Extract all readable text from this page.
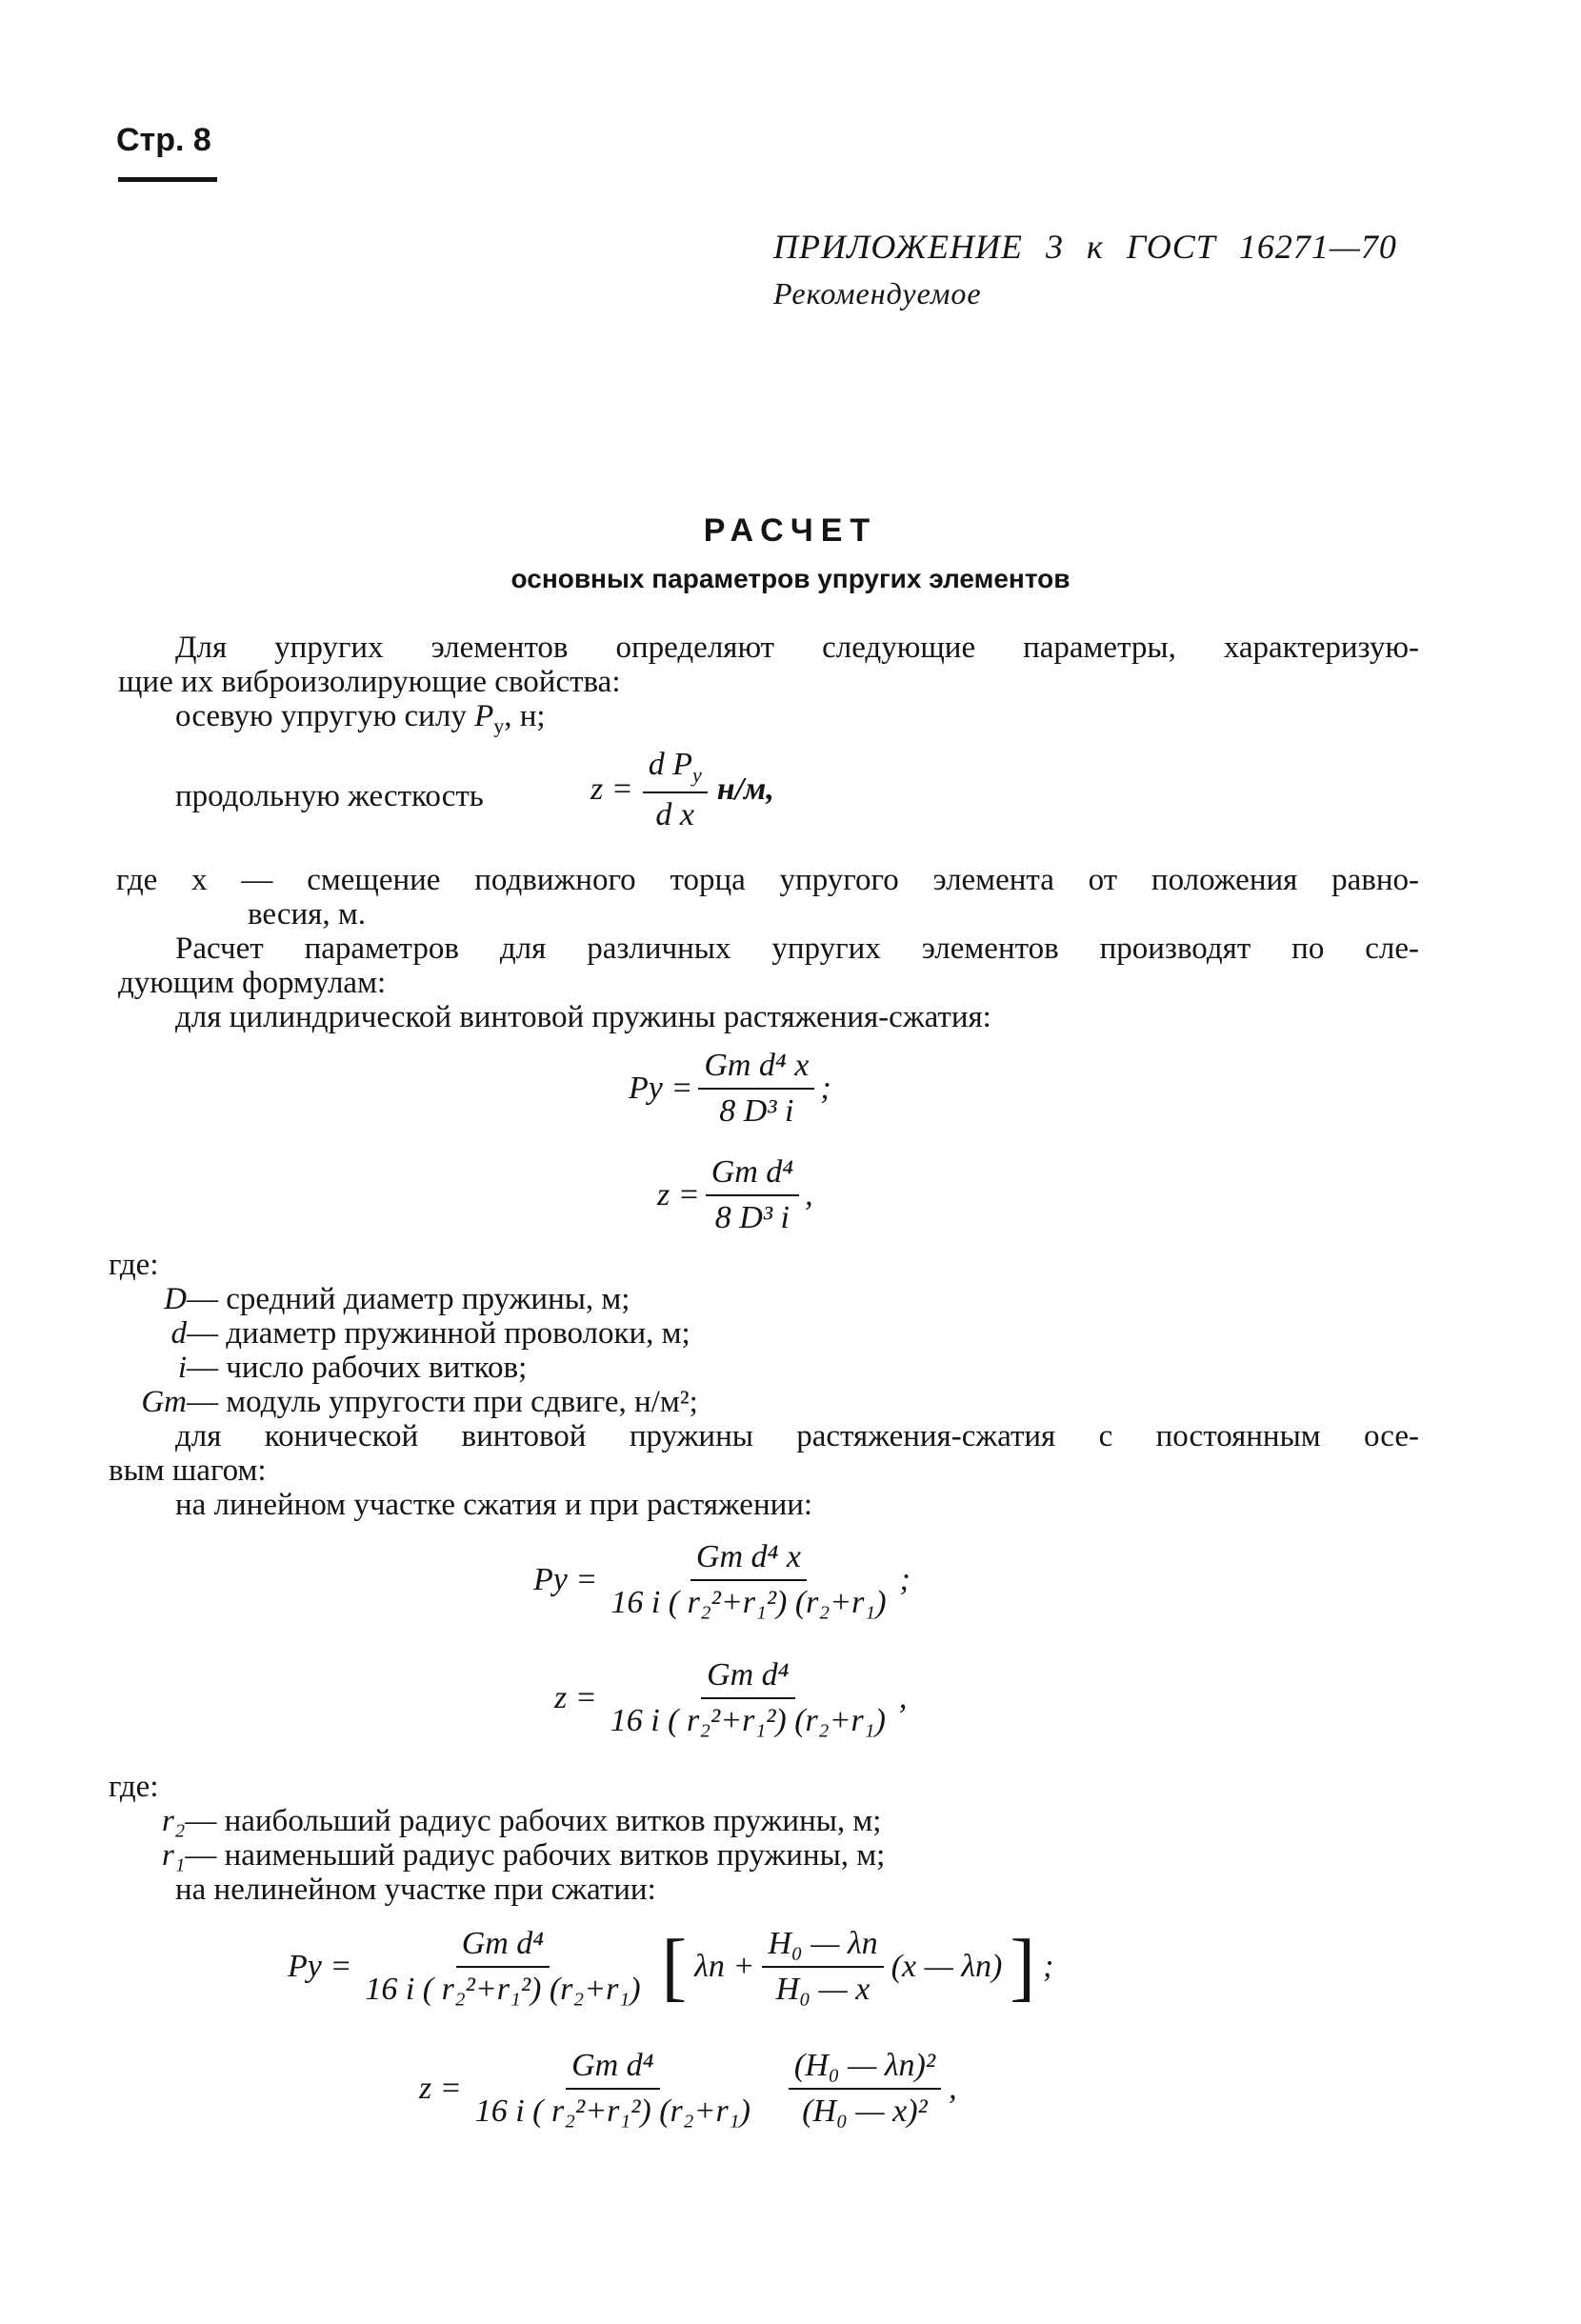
Стр. 8
ПРИЛОЖЕНИЕ 3 к ГОСТ 16271—70
Рекомендуемое
РАСЧЕТ
основных параметров упругих элементов
Для упругих элементов определяют следующие параметры, характеризую-
щие их виброизолирующие свойства:
осевую упругую силу $P_у$, н;
продольную жесткость	$z = \frac{d P_у}{\text{d x}} н/м$,
где x — смещение подвижного торца упругого элемента от положения равно-
весия, м.
Расчет параметров для различных упругих элементов производят по сле-
дующим формулам:
для цилиндрической винтовой пружины растяжения-сжатия:
Pу = $\frac{\text{Gт d⁴ x}}{\text{8 D³ i}}$ ;
$z = \frac{\text{Gт d⁴}}{\text{8 D³ i}}$ ,
где:
D— средний диаметр пружины, м;
d— диаметр пружинной проволоки, м;
i— число рабочих витков;
Gт— модуль упругости при сдвиге, н/м²;
для конической винтовой пружины растяжения-сжатия с постоянным осе-
вым шагом:
на линейном участке сжатия и при растяжении:
Pу = $\frac{\text{Gт d⁴ x}}{\text{16 i ( r₂²+r₁²) (r₂+r₁)}}$ ;
$z = \frac{\text{Gт d⁴}}{\text{16 i ( r₂²+r₁²) (r₂+r₁)}}$ ,
где:
r₂— наибольший радиус рабочих витков пружины, м;
r₁— наименьший радиус рабочих витков пружины, м;
на нелинейном участке при сжатии:
Pу = $\frac{\text{Gт d⁴}}{\text{16 i ( r₂²+r₁²) (r₂+r₁)}}$ [ $\lambda п + \frac{\text{H₀ — λп}}{\text{H₀ — x}} (x$ — λп) ] ;
$z = \frac{\text{Gт d⁴}}{\text{16 i ( r₂²+r₁²) (r₂+r₁)}} \frac{\text{(H₀ — λп)²}}{\text{(H₀ — x)²}}$ ,
